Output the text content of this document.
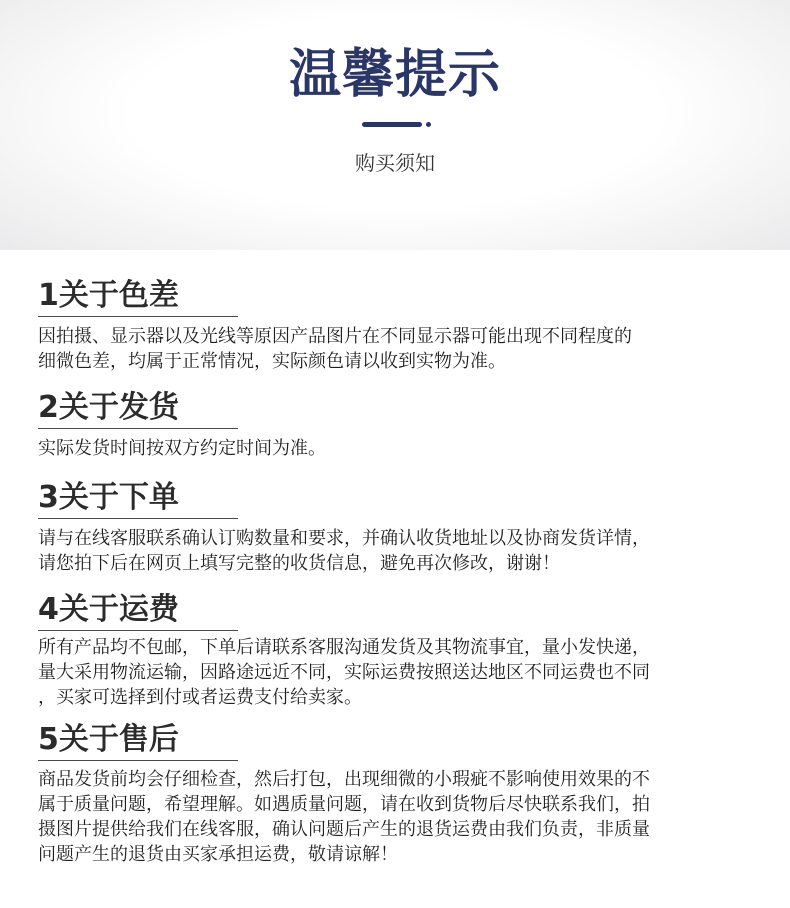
温馨提示
购买须知
1关于色差

因拍摄、显示器以及光线等原因产品图片在不同显示器可能出现不同程度的

细微色差，均属于正常情况，实际颜色请以收到实物为准。

2关于发货

实际发货时间按双方约定时间为准。

3关于下单

请与在线客服联系确认订购数量和要求，并确认收货地址以及协商发货详情，

请您拍下后在网页上填写完整的收货信息，避免再次修改，谢谢！

4关于运费

所有产品均不包邮，下单后请联系客服沟通发货及其物流事宜，量小发快递，

量大采用物流运输，因路途远近不同，实际运费按照送达地区不同运费也不同

，买家可选择到付或者运费支付给卖家。

5关于售后

商品发货前均会仔细检查，然后打包，出现细微的小瑕疵不影响使用效果的不

属于质量问题，希望理解。如遇质量问题，请在收到货物后尽快联系我们，拍

摄图片提供给我们在线客服，确认问题后产生的退货运费由我们负责，非质量

问题产生的退货由买家承担运费，敬请谅解！
